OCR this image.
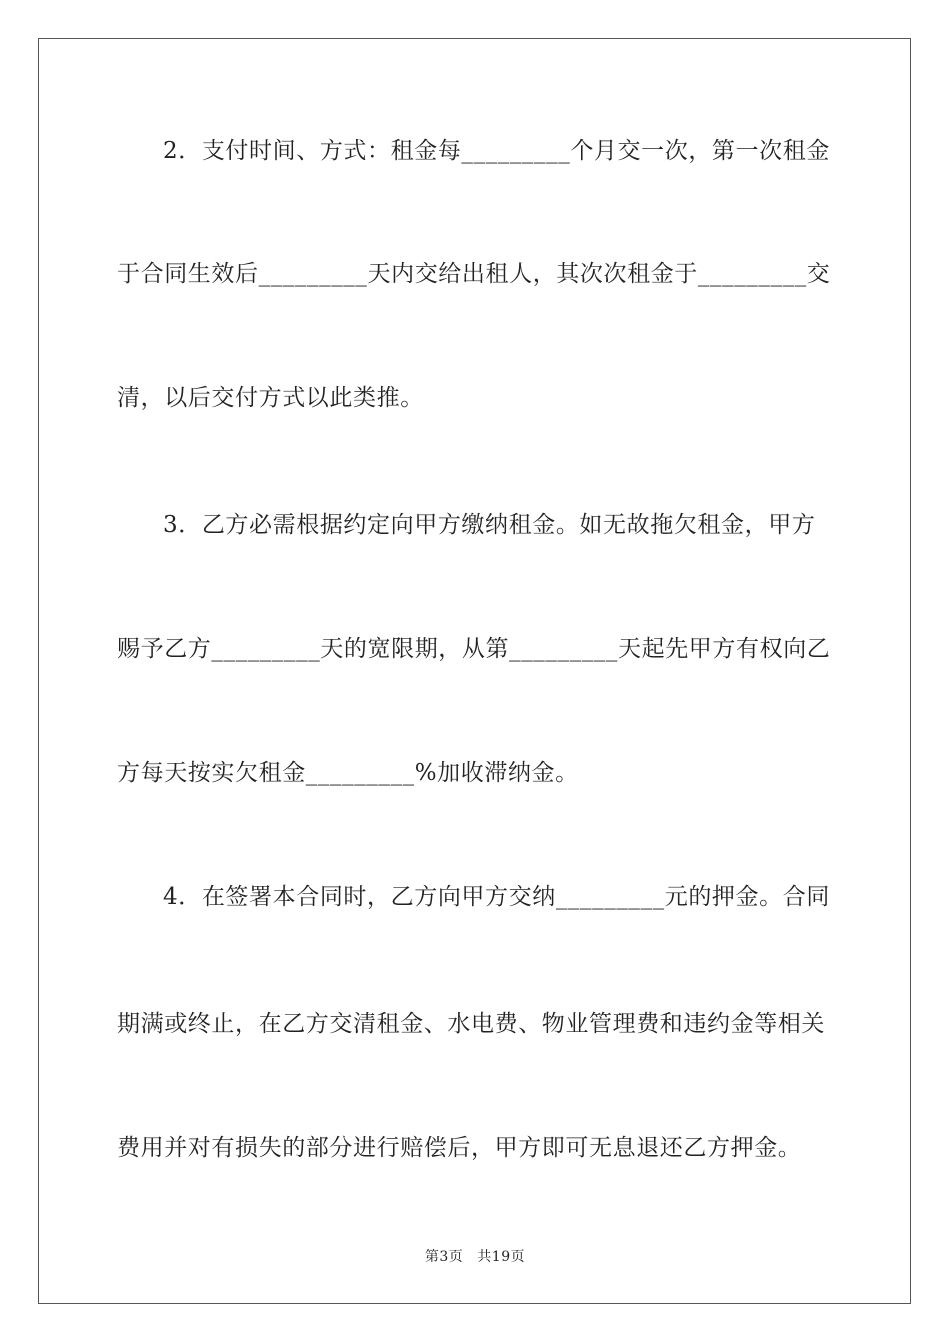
2．支付时间、方式：租金每_________个月交一次，第一次租金
于合同生效后_________天内交给出租人，其次次租金于_________交
清，以后交付方式以此类推。
3．乙方必需根据约定向甲方缴纳租金。如无故拖欠租金，甲方
赐予乙方_________天的宽限期，从第_________天起先甲方有权向乙
方每天按实欠租金_________%加收滞纳金。
4．在签署本合同时，乙方向甲方交纳_________元的押金。合同
期满或终止，在乙方交清租金、水电费、物业管理费和违约金等相关
费用并对有损失的部分进行赔偿后，甲方即可无息退还乙方押金。
第3页 共19页
